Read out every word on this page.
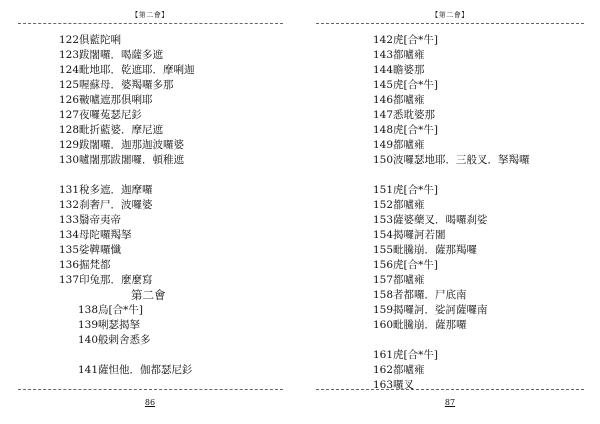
【第二會】
122俱藍陀唎
123跋闍囉．喝薩多遮
124毗地耶．乾遮耶．摩唎迦
125喔蘇母．婆羯囉多那
126皸嚧遮那俱唎耶
127夜囉菟瑟尼釤
128毗折藍婆．摩尼遮
129跋闍囉．迦那迦波囉婆
130嚧闍那跋闍囉．頓稚遮
131稅多遮．迦摩囉
132刹奢尸．波囉婆
133翳帝夷帝
134母陀囉羯拏
135娑鞞囉懺
136掘梵都
137印兔那．麼麼寫
第二會
138烏[合*牛]
139唎瑟揭拏
140般剌舍悉多
141薩怛他．伽都瑟尼釤
86
【第二會】
142虎[合*牛]
143都嚧雍
144瞻婆那
145虎[合*牛]
146都嚧雍
147悉耽婆那
148虎[合*牛]
149都嚧雍
150波囉瑟地耶．三般叉．拏羯囉
151虎[合*牛]
152都嚧雍
153薩婆藥叉．喝囉刹娑
154揭囉訶若闍
155毗騰崩．薩那羯囉
156虎[合*牛]
157都嚧雍
158者都囉．尸底南
159揭囉訶．娑訶薩囉南
160毗騰崩．薩那囉
161虎[合*牛]
162都嚧雍
163囉叉
87
